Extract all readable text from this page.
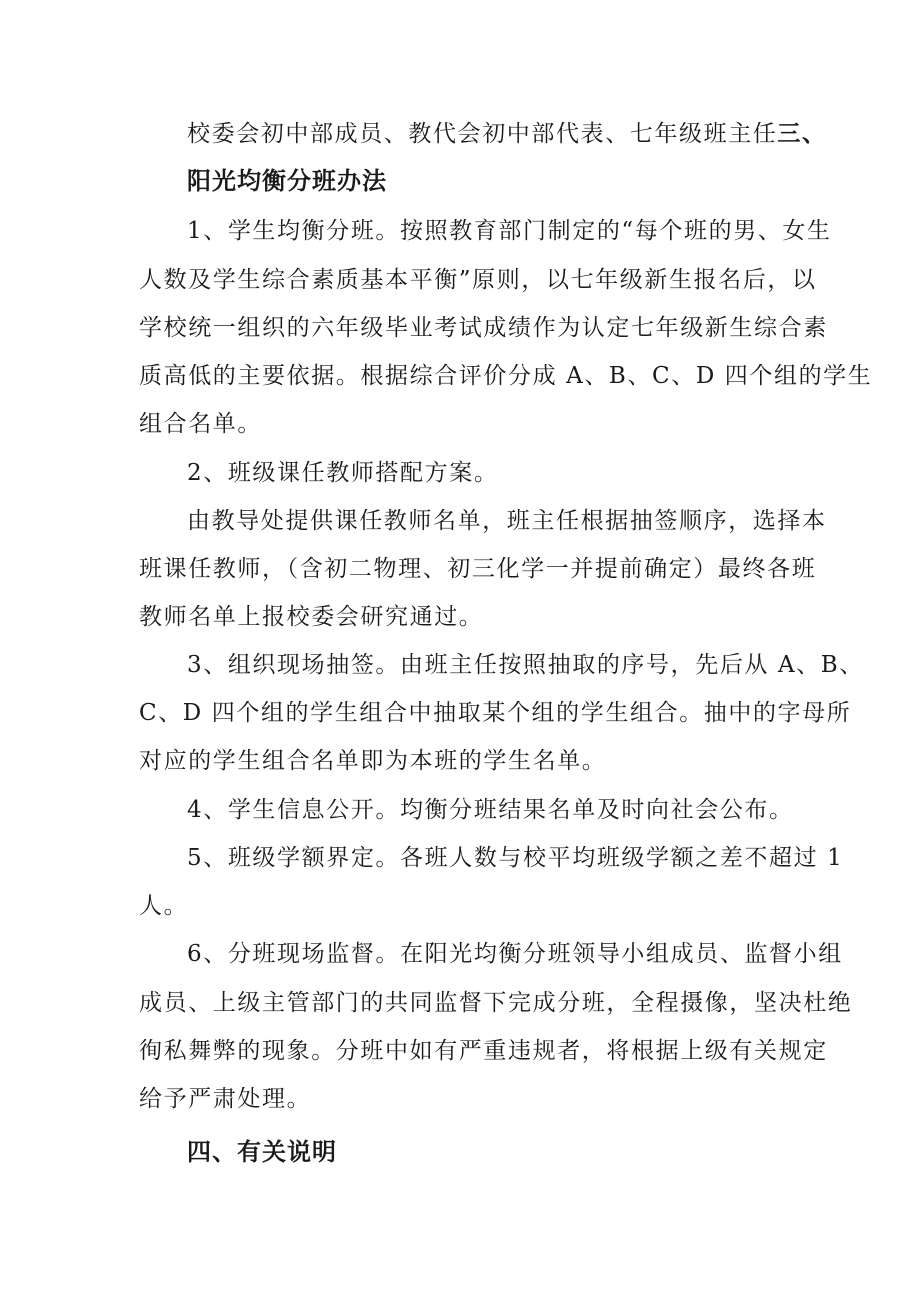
校委会初中部成员、教代会初中部代表、七年级班主任三、
阳光均衡分班办法
1、学生均衡分班。按照教育部门制定的“每个班的男、女生
人数及学生综合素质基本平衡”原则，以七年级新生报名后，以
学校统一组织的六年级毕业考试成绩作为认定七年级新生综合素
质高低的主要依据。根据综合评价分成 A、B、C、D 四个组的学生
组合名单。
2、班级课任教师搭配方案。
由教导处提供课任教师名单，班主任根据抽签顺序，选择本
班课任教师，（含初二物理、初三化学一并提前确定）最终各班
教师名单上报校委会研究通过。
3、组织现场抽签。由班主任按照抽取的序号，先后从 A、B、
C、D 四个组的学生组合中抽取某个组的学生组合。抽中的字母所
对应的学生组合名单即为本班的学生名单。
4、学生信息公开。均衡分班结果名单及时向社会公布。
5、班级学额界定。各班人数与校平均班级学额之差不超过 1
人。
6、分班现场监督。在阳光均衡分班领导小组成员、监督小组
成员、上级主管部门的共同监督下完成分班，全程摄像，坚决杜绝
徇私舞弊的现象。分班中如有严重违规者，将根据上级有关规定
给予严肃处理。
四、有关说明
